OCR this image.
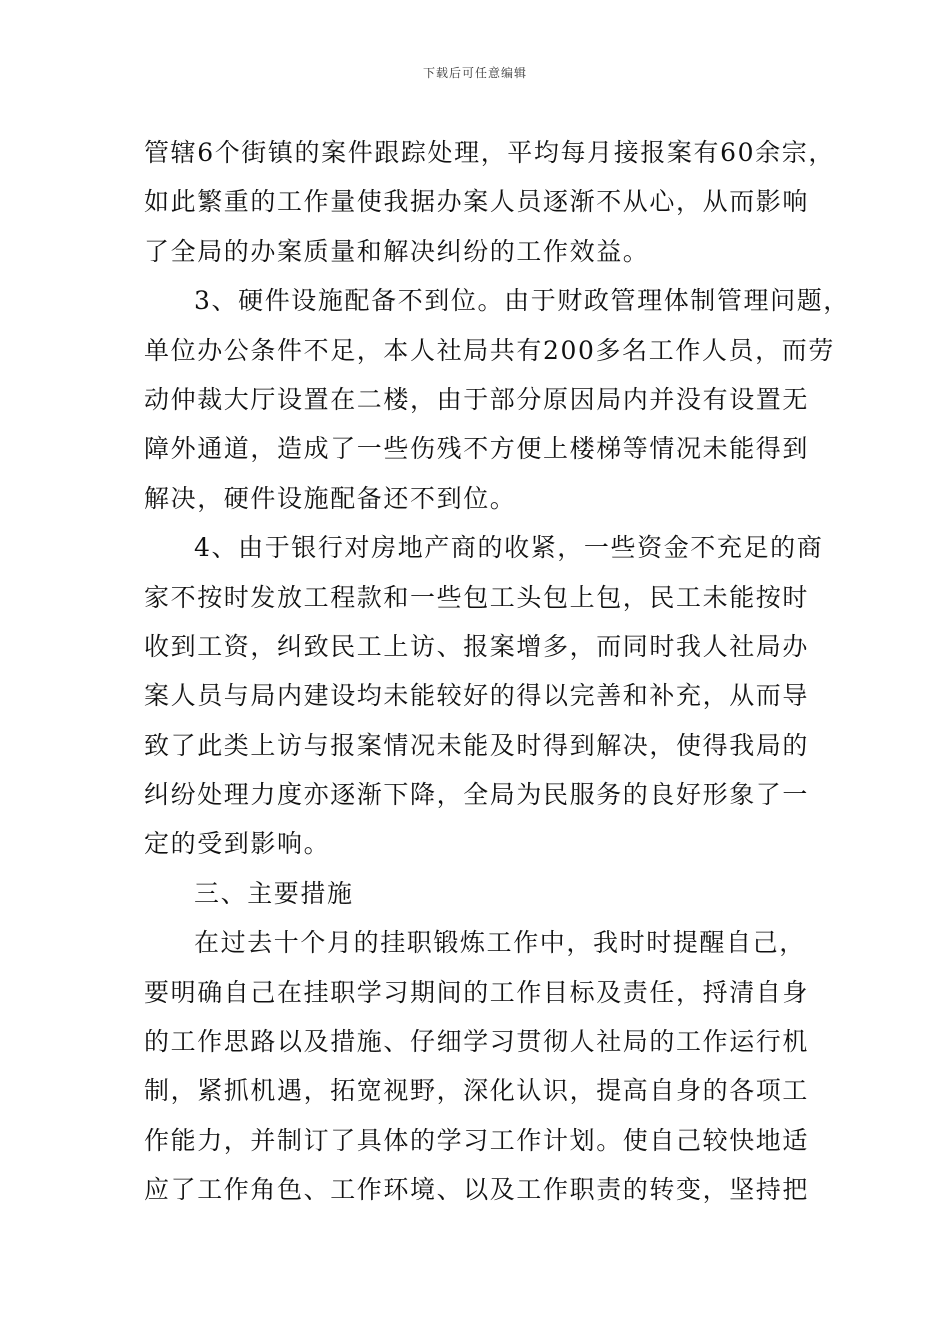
下载后可任意编辑
管辖6个街镇的案件跟踪处理，平均每月接报案有60余宗，
如此繁重的工作量使我据办案人员逐渐不从心，从而影响
了全局的办案质量和解决纠纷的工作效益。
3、硬件设施配备不到位。由于财政管理体制管理问题，
单位办公条件不足，本人社局共有200多名工作人员，而劳
动仲裁大厅设置在二楼，由于部分原因局内并没有设置无
障外通道，造成了一些伤残不方便上楼梯等情况未能得到
解决，硬件设施配备还不到位。
4、由于银行对房地产商的收紧，一些资金不充足的商
家不按时发放工程款和一些包工头包上包，民工未能按时
收到工资，纠致民工上访、报案增多，而同时我人社局办
案人员与局内建设均未能较好的得以完善和补充，从而导
致了此类上访与报案情况未能及时得到解决，使得我局的
纠纷处理力度亦逐渐下降，全局为民服务的良好形象了一
定的受到影响。
三、主要措施
在过去十个月的挂职锻炼工作中，我时时提醒自己，
要明确自己在挂职学习期间的工作目标及责任，捋清自身
的工作思路以及措施、仔细学习贯彻人社局的工作运行机
制，紧抓机遇，拓宽视野，深化认识，提高自身的各项工
作能力，并制订了具体的学习工作计划。使自己较快地适
应了工作角色、工作环境、以及工作职责的转变，坚持把
